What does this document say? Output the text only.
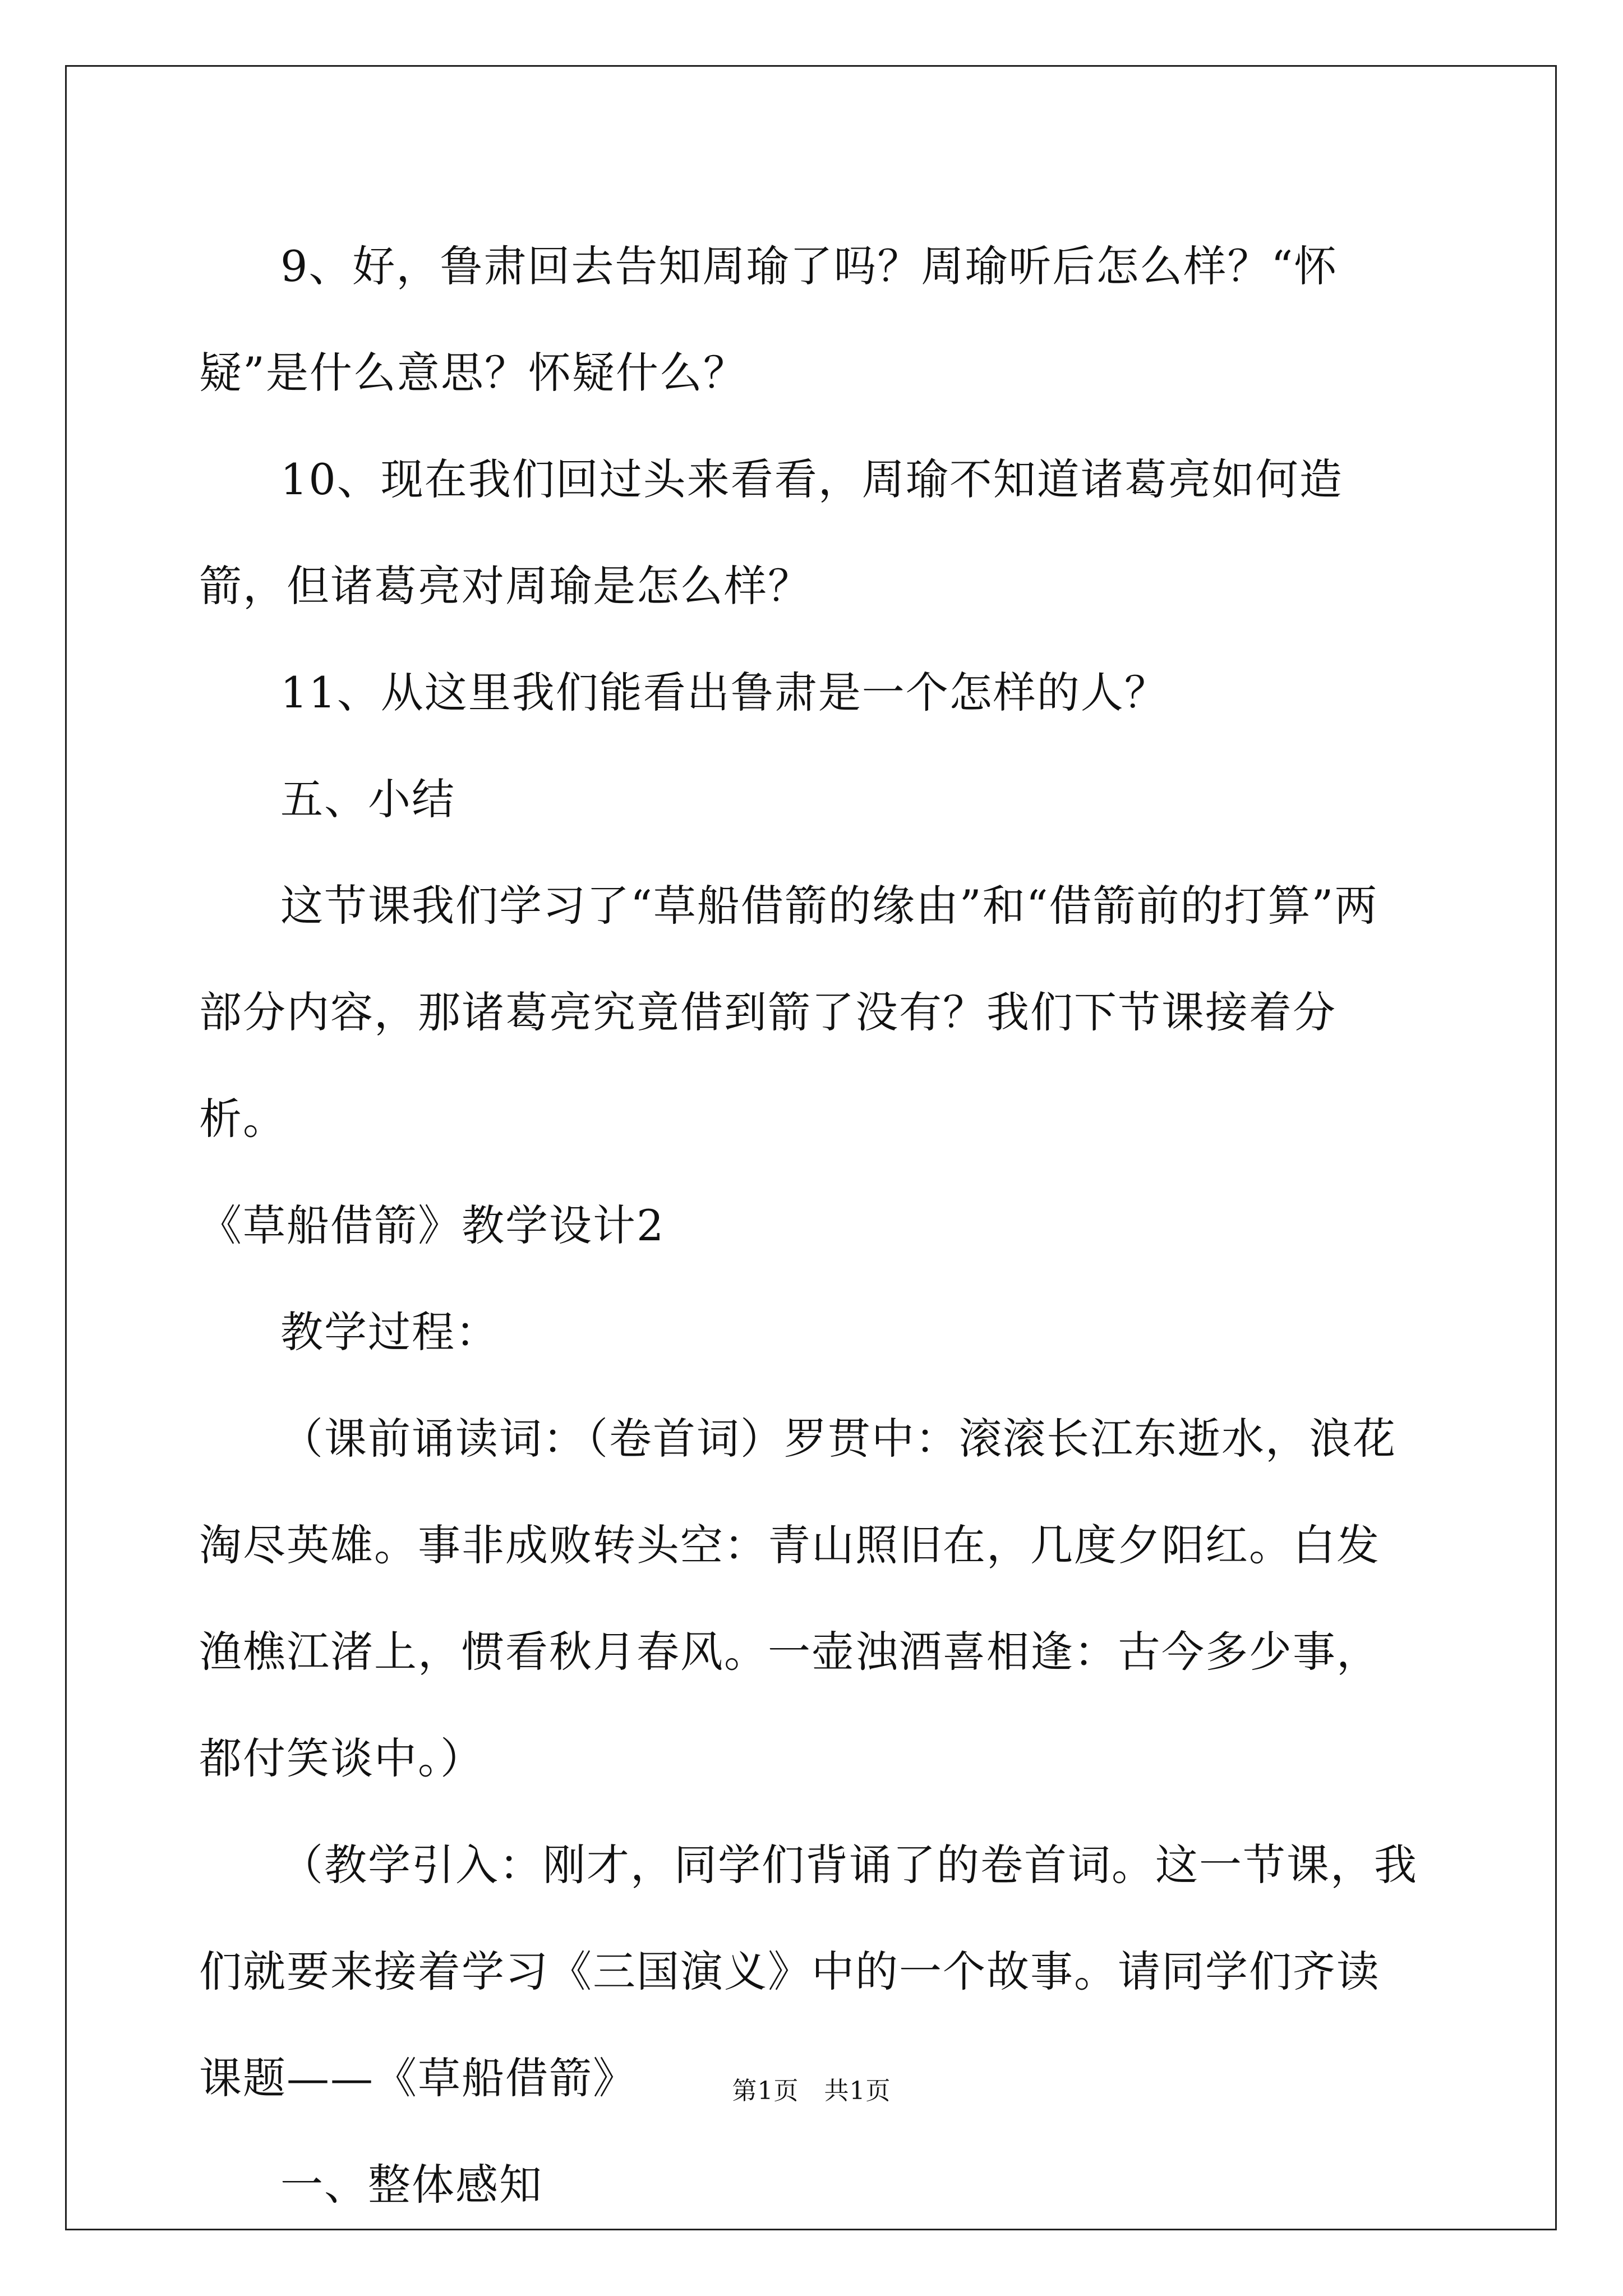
9、好，鲁肃回去告知周瑜了吗？周瑜听后怎么样？“怀疑”是什么意思？怀疑什么？

10、现在我们回过头来看看，周瑜不知道诸葛亮如何造箭，但诸葛亮对周瑜是怎么样？

11、从这里我们能看出鲁肃是一个怎样的人？

五、小结

这节课我们学习了“草船借箭的缘由”和“借箭前的打算”两部分内容，那诸葛亮究竟借到箭了没有？我们下节课接着分析。

《草船借箭》教学设计2

教学过程：

（课前诵读词：（卷首词）罗贯中：滚滚长江东逝水，浪花淘尽英雄。事非成败转头空：青山照旧在，几度夕阳红。白发渔樵江渚上，惯看秋月春风。一壶浊酒喜相逢：古今多少事，都付笑谈中。）

（教学引入：刚才，同学们背诵了的卷首词。这一节课，我们就要来接着学习《三国演义》中的一个故事。请同学们齐读课题——《草船借箭》

一、整体感知

第1页　共1页
